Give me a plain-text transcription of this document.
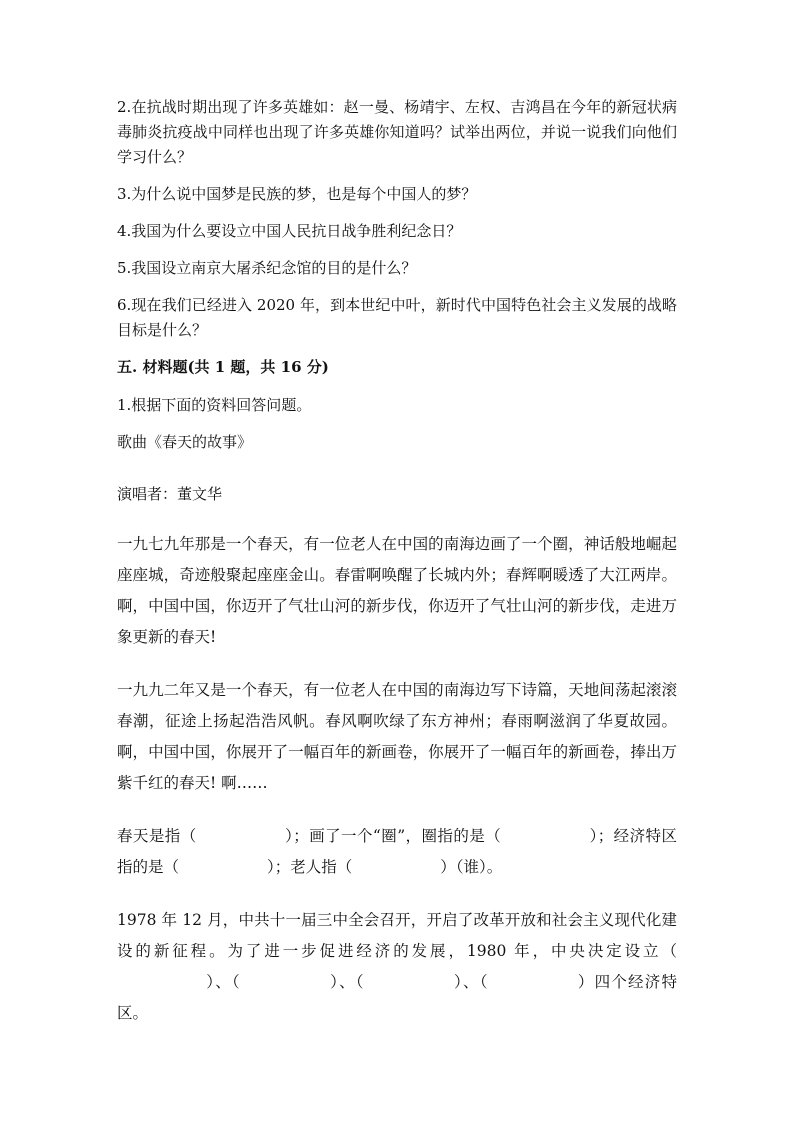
2.在抗战时期出现了许多英雄如：赵一曼、杨靖宇、左权、吉鸿昌在今年的新冠状病毒肺炎抗疫战中同样也出现了许多英雄你知道吗？试举出两位，并说一说我们向他们学习什么？

3.为什么说中国梦是民族的梦，也是每个中国人的梦？

4.我国为什么要设立中国人民抗日战争胜利纪念日？

5.我国设立南京大屠杀纪念馆的目的是什么？

6.现在我们已经进入 2020 年，到本世纪中叶，新时代中国特色社会主义发展的战略目标是什么？

五. 材料题(共 1 题，共 16 分)

1.根据下面的资料回答问题。

歌曲《春天的故事》

演唱者：董文华

一九七九年那是一个春天，有一位老人在中国的南海边画了一个圈，神话般地崛起座座城，奇迹般聚起座座金山。春雷啊唤醒了长城内外；春辉啊暖透了大江两岸。啊，中国中国，你迈开了气壮山河的新步伐，你迈开了气壮山河的新步伐，走进万象更新的春天!

一九九二年又是一个春天，有一位老人在中国的南海边写下诗篇，天地间荡起滚滚春潮，征途上扬起浩浩风帆。春风啊吹绿了东方神州；春雨啊滋润了华夏故园。啊，中国中国，你展开了一幅百年的新画卷，你展开了一幅百年的新画卷，捧出万紫千红的春天! 啊……

春天是指（	）；画了一个“圈”，圈指的是（	）；经济特区指的是（	）；老人指（	）（谁）。

1978 年 12 月，中共十一届三中全会召开，开启了改革开放和社会主义现代化建设的新征程。为了进一步促进经济的发展，1980 年，中央决定设立（）、（	）、（	）、（	）四个经济特区。
